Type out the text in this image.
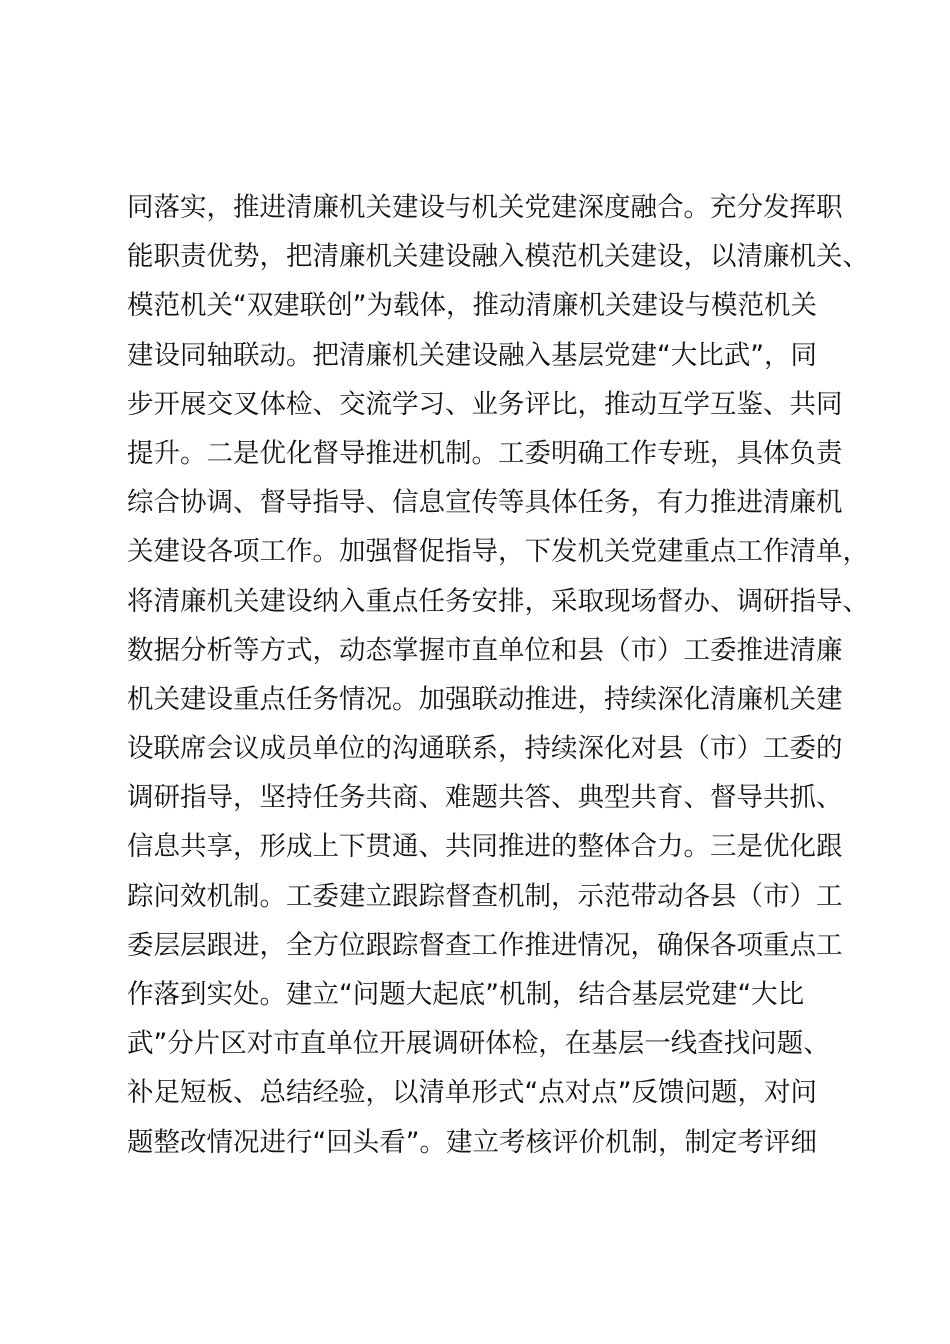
同落实，推进清廉机关建设与机关党建深度融合。充分发挥职
能职责优势，把清廉机关建设融入模范机关建设，以清廉机关、
模范机关“双建联创”为载体，推动清廉机关建设与模范机关
建设同轴联动。把清廉机关建设融入基层党建“大比武”，同
步开展交叉体检、交流学习、业务评比，推动互学互鉴、共同
提升。二是优化督导推进机制。工委明确工作专班，具体负责
综合协调、督导指导、信息宣传等具体任务，有力推进清廉机
关建设各项工作。加强督促指导，下发机关党建重点工作清单，
将清廉机关建设纳入重点任务安排，采取现场督办、调研指导、
数据分析等方式，动态掌握市直单位和县（市）工委推进清廉
机关建设重点任务情况。加强联动推进，持续深化清廉机关建
设联席会议成员单位的沟通联系，持续深化对县（市）工委的
调研指导，坚持任务共商、难题共答、典型共育、督导共抓、
信息共享，形成上下贯通、共同推进的整体合力。三是优化跟
踪问效机制。工委建立跟踪督查机制，示范带动各县（市）工
委层层跟进，全方位跟踪督查工作推进情况，确保各项重点工
作落到实处。建立“问题大起底”机制，结合基层党建“大比
武”分片区对市直单位开展调研体检，在基层一线查找问题、
补足短板、总结经验，以清单形式“点对点”反馈问题，对问
题整改情况进行“回头看”。建立考核评价机制，制定考评细
